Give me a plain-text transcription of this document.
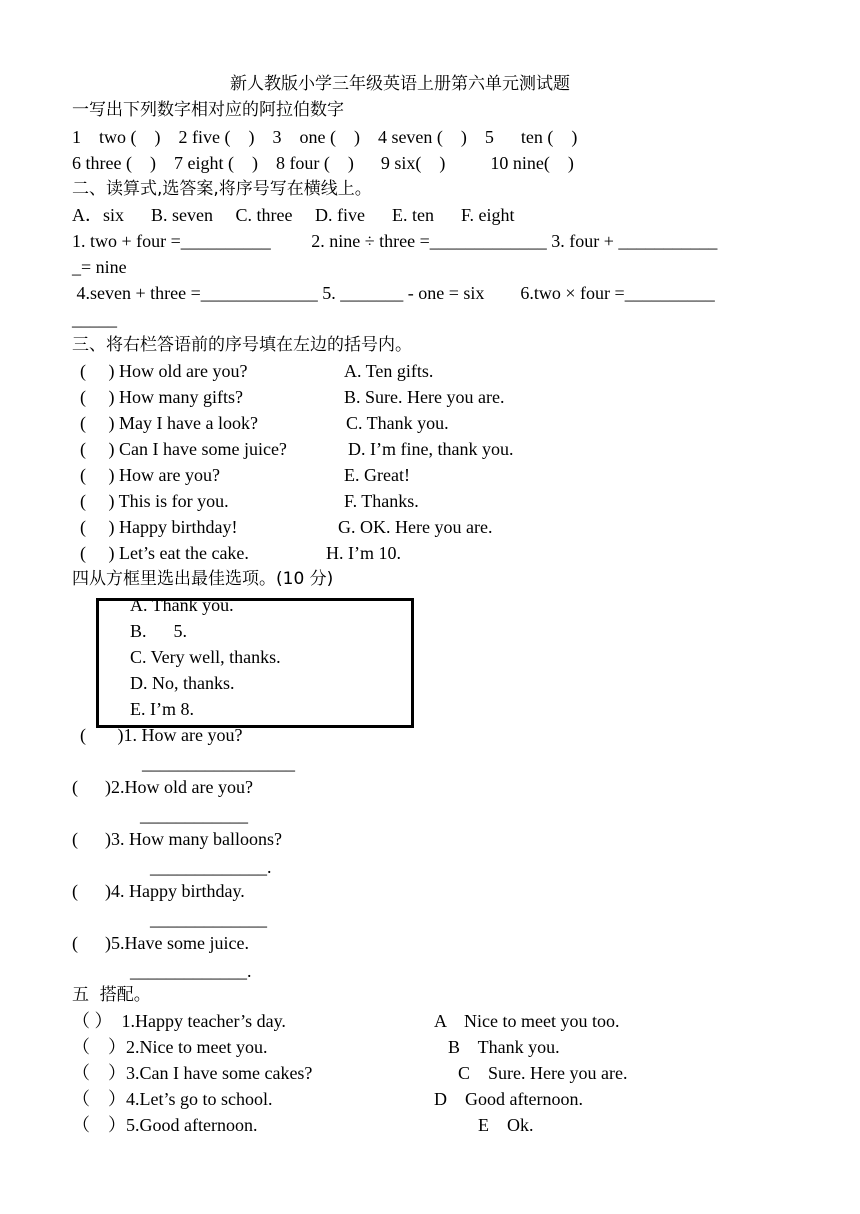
新人教版小学三年级英语上册第六单元测试题
一写出下列数字相对应的阿拉伯数字
1    two (    )    2 five (    )    3    one (    )    4 seven (    )    5      ten (    )
6 three (    )    7 eight (    )    8 four (    )      9 six(    )          10 nine(    )
二、读算式,选答案,将序号写在横线上。
A．six      B. seven     C. three     D. five      E. ten      F. eight
1. two + four =__________         2. nine ÷ three =_____________ 3. four + ___________
_= nine
4.seven + three =_____________ 5. _______ - one = six        6.two × four =__________
_____
三、将右栏答语前的序号填在左边的括号内。
(     ) How old are you?	A. Ten gifts.
(     ) How many gifts?	B. Sure. Here you are.
(     ) May I have a look?	C. Thank you.
(     ) Can I have some juice?	D. I’m fine, thank you.
(     ) How are you?	E. Great!
(     ) This is for you.	F. Thanks.
(     ) Happy birthday!	G. OK. Here you are.
(     ) Let’s eat the cake.	H. I’m 10.
四从方框里选出最佳选项。(10 分)
A. Thank you.
B.      5.
C. Very well, thanks.
D. No, thanks.
E. I’m 8.
(       )1. How are you?
_________________
(      )2.How old are you?
____________
(      )3. How many balloons?
_____________.
(      )4. Happy birthday.
_____________
(      )5.Have some juice.
_____________.
五  搭配。
（ ）  1.Happy teacher’s day.	A    Nice to meet you too.
（    ）2.Nice to meet you.	B    Thank you.
（    ）3.Can I have some cakes?	C    Sure. Here you are.
（    ）4.Let’s go to school.	D    Good afternoon.
（    ）5.Good afternoon.	E    Ok.
